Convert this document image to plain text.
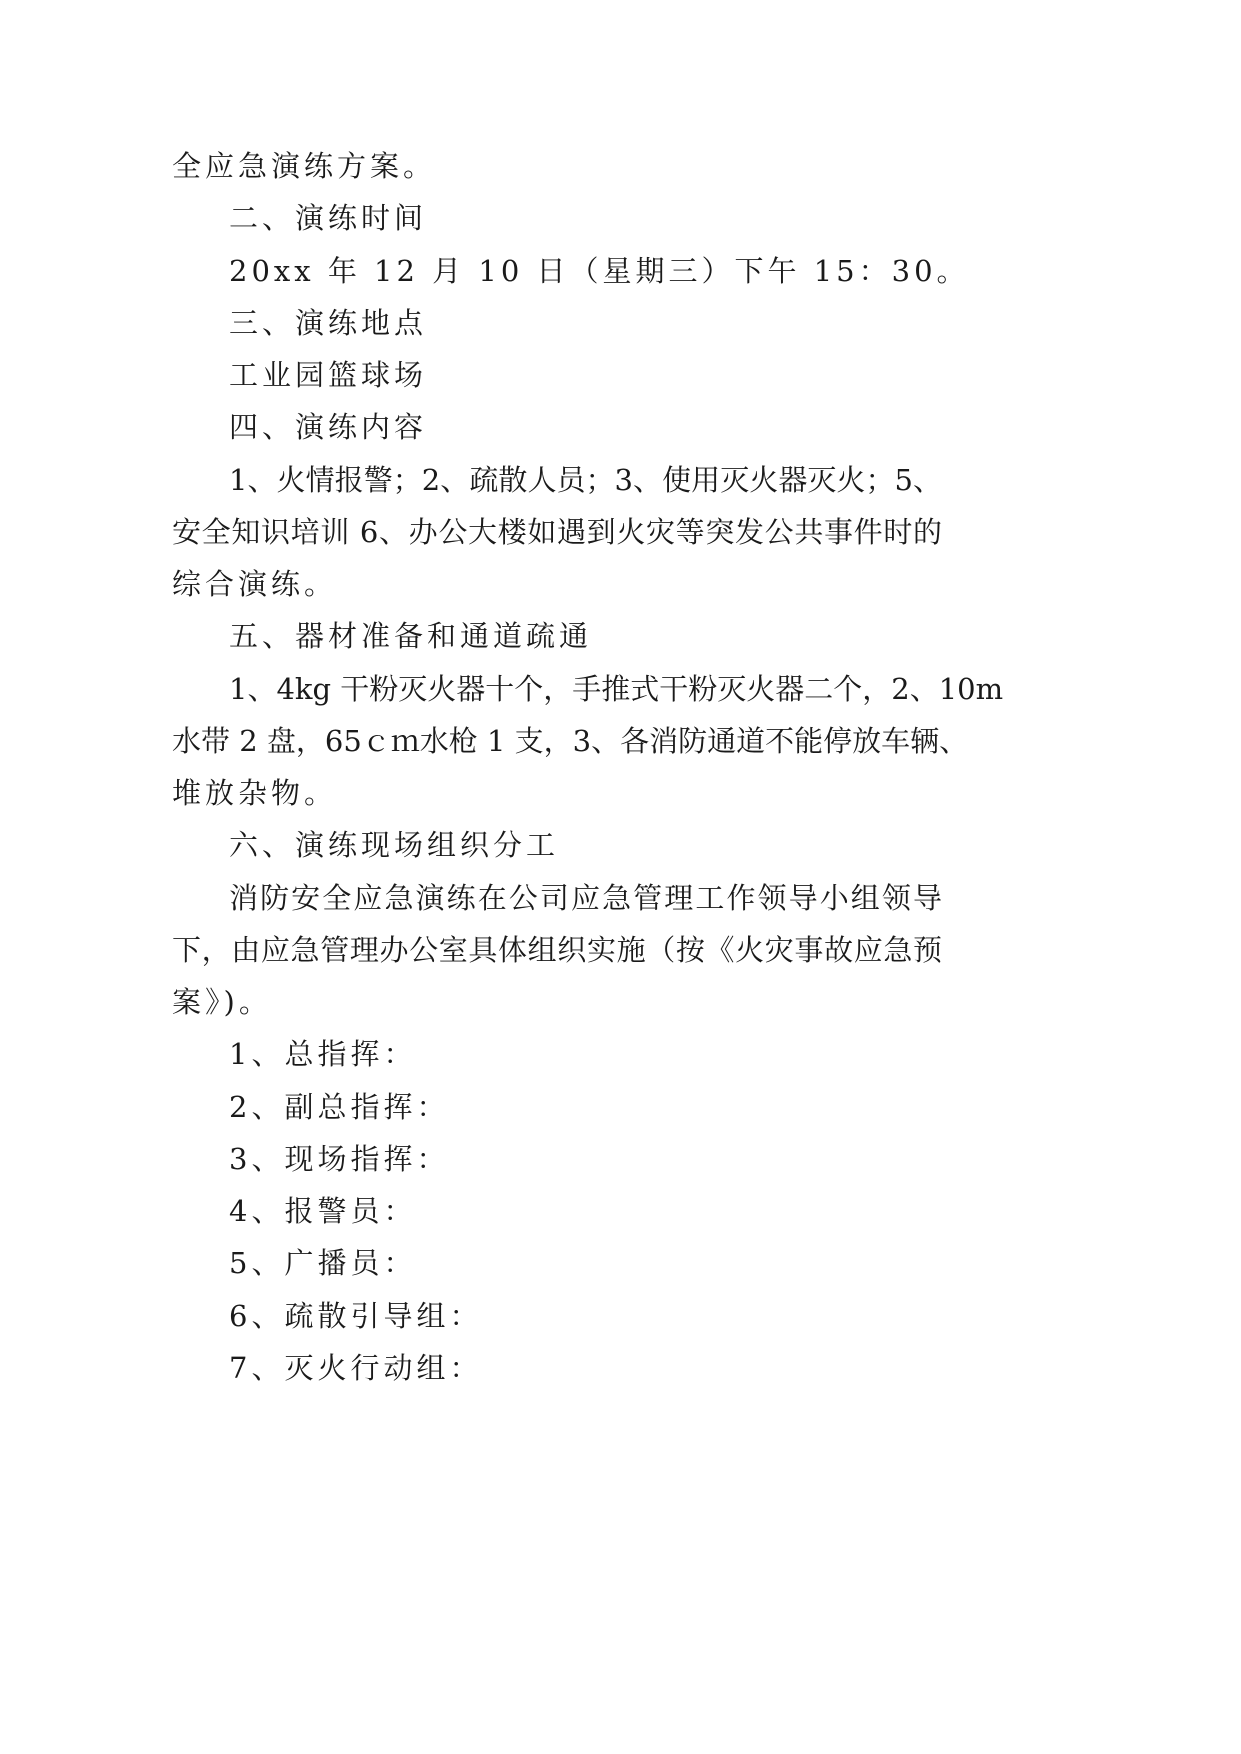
全应急演练方案。
二、演练时间
20xx 年 12 月 10 日（星期三）下午 15：30。
三、演练地点
工业园篮球场
四、演练内容
1、火情报警；2、疏散人员；3、使用灭火器灭火；5、
安全知识培训 6、办公大楼如遇到火灾等突发公共事件时的
综合演练。
五、器材准备和通道疏通
1、4kg 干粉灭火器十个，手推式干粉灭火器二个，2、10m
水带 2 盘，65ｃｍ水枪 1 支，3、各消防通道不能停放车辆、
堆放杂物。
六、演练现场组织分工
消防安全应急演练在公司应急管理工作领导小组领导
下，由应急管理办公室具体组织实施（按《火灾事故应急预
案》)。
1、总指挥：
2、副总指挥：
3、现场指挥：
4、报警员：
5、广播员：
6、疏散引导组：
7、灭火行动组：
